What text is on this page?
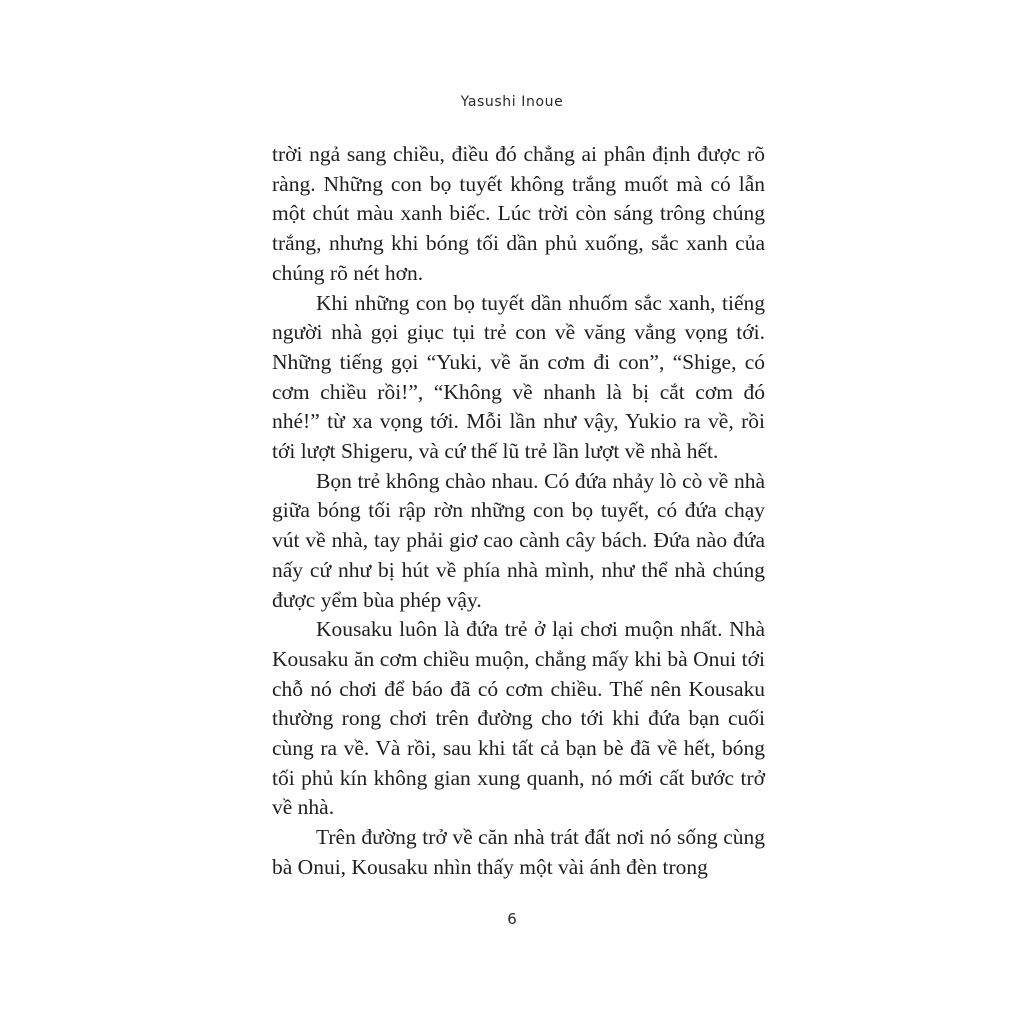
Yasushi Inoue

trời ngả sang chiều, điều đó chẳng ai phân định được rõ ràng. Những con bọ tuyết không trắng muốt mà có lẫn một chút màu xanh biếc. Lúc trời còn sáng trông chúng trắng, nhưng khi bóng tối dần phủ xuống, sắc xanh của chúng rõ nét hơn.

Khi những con bọ tuyết dần nhuốm sắc xanh, tiếng người nhà gọi giục tụi trẻ con về văng vẳng vọng tới. Những tiếng gọi “Yuki, về ăn cơm đi con”, “Shige, có cơm chiều rồi!”, “Không về nhanh là bị cắt cơm đó nhé!” từ xa vọng tới. Mỗi lần như vậy, Yukio ra về, rồi tới lượt Shigeru, và cứ thế lũ trẻ lần lượt về nhà hết.

Bọn trẻ không chào nhau. Có đứa nhảy lò cò về nhà giữa bóng tối rập rờn những con bọ tuyết, có đứa chạy vút về nhà, tay phải giơ cao cành cây bách. Đứa nào đứa nấy cứ như bị hút về phía nhà mình, như thể nhà chúng được yểm bùa phép vậy.

Kousaku luôn là đứa trẻ ở lại chơi muộn nhất. Nhà Kousaku ăn cơm chiều muộn, chẳng mấy khi bà Onui tới chỗ nó chơi để báo đã có cơm chiều. Thế nên Kousaku thường rong chơi trên đường cho tới khi đứa bạn cuối cùng ra về. Và rồi, sau khi tất cả bạn bè đã về hết, bóng tối phủ kín không gian xung quanh, nó mới cất bước trở về nhà.

Trên đường trở về căn nhà trát đất nơi nó sống cùng bà Onui, Kousaku nhìn thấy một vài ánh đèn trong

6
